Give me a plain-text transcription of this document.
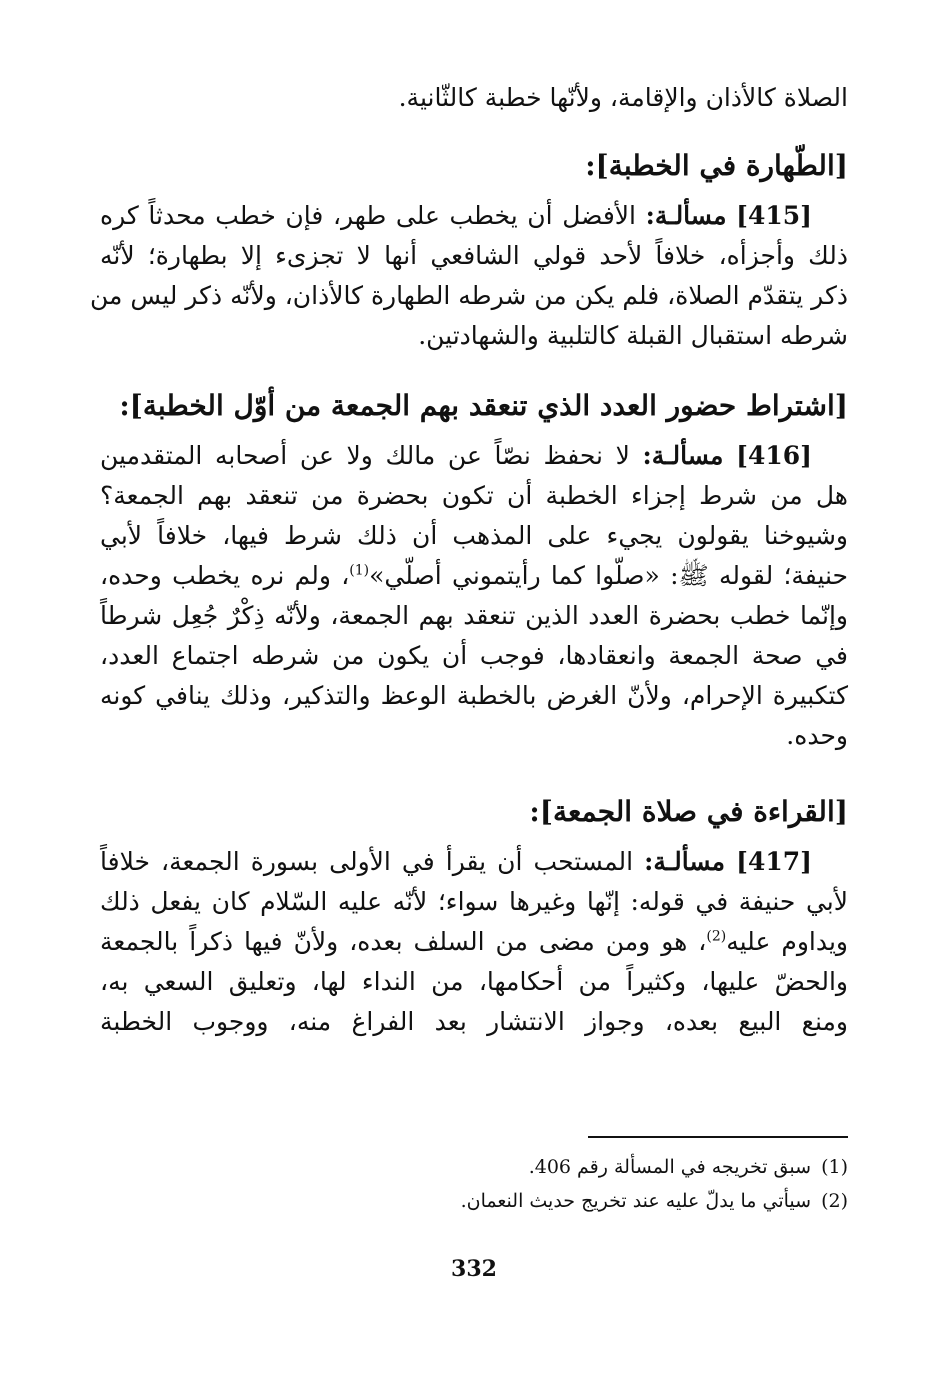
الصلاة كالأذان والإقامة، ولأنّها خطبة كالثّانية.

[الطّهارة في الخطبة]:

[415] مسألـة: الأفضل أن يخطب على طهر، فإن خطب محدثاً كره

ذلك وأجزأه، خلافاً لأحد قولي الشافعي أنها لا تجزىء إلا بطهارة؛ لأنّه

ذكر يتقدّم الصلاة، فلم يكن من شرطه الطهارة كالأذان، ولأنّه ذكر ليس من

شرطه استقبال القبلة كالتلبية والشهادتين.

[اشتراط حضور العدد الذي تنعقد بهم الجمعة من أوّل الخطبة]:

[416] مسألـة: لا نحفظ نصّاً عن مالك ولا عن أصحابه المتقدمين

هل من شرط إجزاء الخطبة أن تكون بحضرة من تنعقد بهم الجمعة؟

وشيوخنا يقولون يجيء على المذهب أن ذلك شرط فيها، خلافاً لأبي

حنيفة؛ لقوله ﷺ: «صلّوا كما رأيتموني أصلّي»$^{(1)}$، ولم نره يخطب وحده،

وإنّما خطب بحضرة العدد الذين تنعقد بهم الجمعة، ولأنّه ذِكْرٌ جُعِل شرطاً

في صحة الجمعة وانعقادها، فوجب أن يكون من شرطه اجتماع العدد،

كتكبيرة الإحرام، ولأنّ الغرض بالخطبة الوعظ والتذكير، وذلك ينافي كونه

وحده.

[القراءة في صلاة الجمعة]:

[417] مسألـة: المستحب أن يقرأ في الأولى بسورة الجمعة، خلافاً

لأبي حنيفة في قوله: إنّها وغيرها سواء؛ لأنّه عليه السّلام كان يفعل ذلك

ويداوم عليه$^{(2)}$، هو ومن مضى من السلف بعده، ولأنّ فيها ذكراً بالجمعة

والحضّ عليها، وكثيراً من أحكامها، من النداء لها، وتعليق السعي به،

ومنع البيع بعده، وجواز الانتشار بعد الفراغ منه، ووجوب الخطبة

(1)سبق تخريجه في المسألة رقم 406.

(2)سيأتي ما يدلّ عليه عند تخريج حديث النعمان.

332
